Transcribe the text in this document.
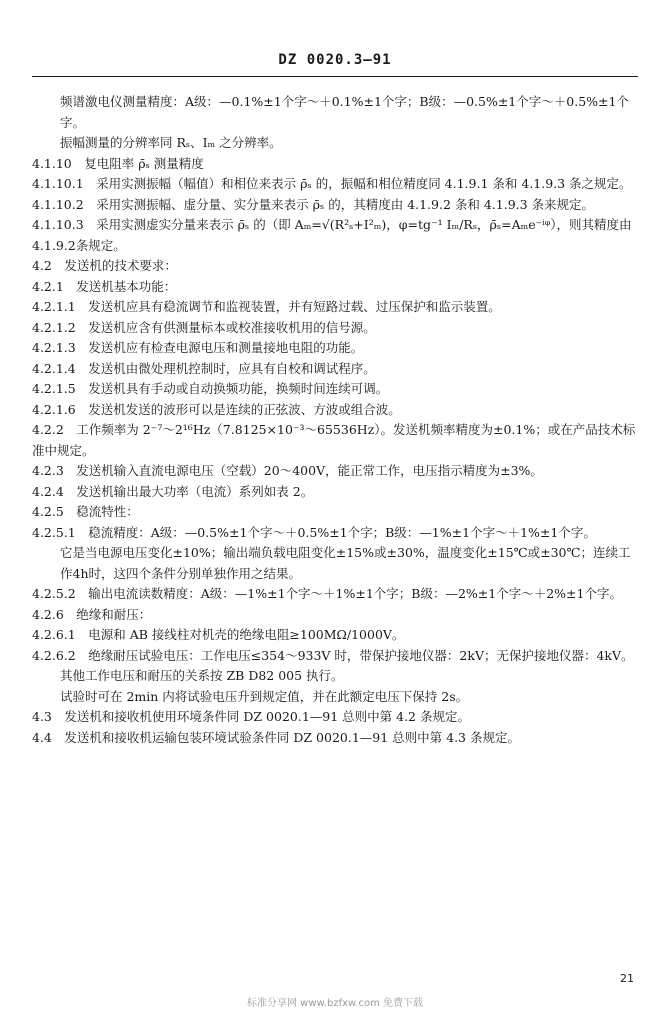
DZ 0020.3—91

频谱激电仪测量精度：A级：—0.1%±1个字～＋0.1%±1个字；B级：—0.5%±1个字～＋0.5%±1个字。

振幅测量的分辨率同 Rₛ、Iₘ 之分辨率。

4.1.10　复电阻率 ρ̄ₛ 测量精度

4.1.10.1　采用实测振幅（幅值）和相位来表示 ρ̄ₛ 的，振幅和相位精度同 4.1.9.1 条和 4.1.9.3 条之规定。

4.1.10.2　采用实测振幅、虚分量、实分量来表示 ρ̄ₛ 的，其精度由 4.1.9.2 条和 4.1.9.3 条来规定。

4.1.10.3　采用实测虚实分量来表示 ρ̄ₛ 的（即 Aₘ=√(R²ₛ+I²ₘ)，φ=tg⁻¹ Iₘ/Rₛ，ρ̄ₛ=Aₘe⁻ⁱᵠ），则其精度由 4.1.9.2条规定。

4.2　发送机的技术要求：

4.2.1　发送机基本功能：

4.2.1.1　发送机应具有稳流调节和监视装置，并有短路过载、过压保护和监示装置。

4.2.1.2　发送机应含有供测量标本或校准接收机用的信号源。

4.2.1.3　发送机应有检查电源电压和测量接地电阻的功能。

4.2.1.4　发送机由微处理机控制时，应具有自校和调试程序。

4.2.1.5　发送机具有手动或自动换频功能，换频时间连续可调。

4.2.1.6　发送机发送的波形可以是连续的正弦波、方波或组合波。

4.2.2　工作频率为 2⁻⁷～2¹⁶Hz（7.8125×10⁻³～65536Hz）。发送机频率精度为±0.1%；或在产品技术标准中规定。

4.2.3　发送机输入直流电源电压（空载）20～400V，能正常工作，电压指示精度为±3%。

4.2.4　发送机输出最大功率（电流）系列如表 2。

4.2.5　稳流特性：

4.2.5.1　稳流精度：A级：—0.5%±1个字～＋0.5%±1个字；B级：—1%±1个字～＋1%±1个字。

它是当电源电压变化±10%；输出端负载电阻变化±15%或±30%，温度变化±15℃或±30℃；连续工作4h时，这四个条件分别单独作用之结果。

4.2.5.2　输出电流读数精度：A级：—1%±1个字～＋1%±1个字；B级：—2%±1个字～＋2%±1个字。

4.2.6　绝缘和耐压：

4.2.6.1　电源和 AB 接线柱对机壳的绝缘电阻≥100MΩ/1000V。

4.2.6.2　绝缘耐压试验电压：工作电压≤354～933V 时，带保护接地仪器：2kV；无保护接地仪器：4kV。

其他工作电压和耐压的关系按 ZB D82 005 执行。

试验时可在 2min 内将试验电压升到规定值，并在此额定电压下保持 2s。

4.3　发送机和接收机使用环境条件同 DZ 0020.1—91 总则中第 4.2 条规定。

4.4　发送机和接收机运输包装环境试验条件同 DZ 0020.1—91 总则中第 4.3 条规定。

21
标准分享网 www.bzfxw.com 免费下载
